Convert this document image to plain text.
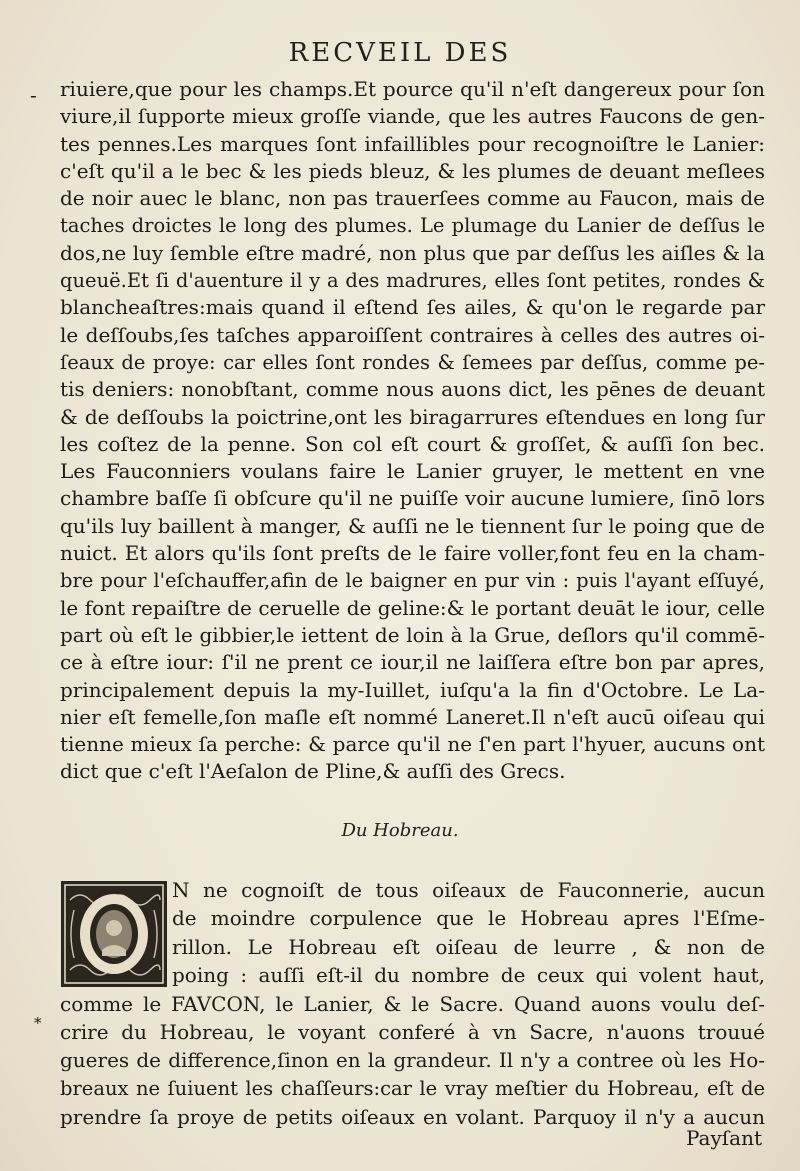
RECVEIL DES
- riuiere,que pour les champs.Et pource qu'il n'eſt dangereux pour ſon
viure,il ſupporte mieux groſſe viande, que les autres Faucons de gen-
tes pennes.Les marques ſont infaillibles pour recognoiſtre le Lanier:
c'eſt qu'il a le bec & les pieds bleuz, & les plumes de deuant meſlees
de noir auec le blanc, non pas trauerſees comme au Faucon, mais de
taches droictes le long des plumes. Le plumage du Lanier de deſſus le
dos,ne luy ſemble eſtre madré, non plus que par deſſus les aiſles & la
queuë.Et ſi d'auenture il y a des madrures, elles ſont petites, rondes &
blancheaſtres:mais quand il eſtend ſes ailes, & qu'on le regarde par
le deſſoubs,ſes taſches apparoiſſent contraires à celles des autres oi-
ſeaux de proye: car elles ſont rondes & ſemees par deſſus, comme pe-
tis deniers: nonobſtant, comme nous auons dict, les pēnes de deuant
& de deſſoubs la poictrine,ont les biragarrures eſtendues en long ſur
les coſtez de la penne. Son col eſt court & groſſet, & auſſi ſon bec.
Les Fauconniers voulans faire le Lanier gruyer, le mettent en vne
chambre baſſe ſi obſcure qu'il ne puiſſe voir aucune lumiere, ſinō lors
qu'ils luy baillent à manger, & auſſi ne le tiennent ſur le poing que de
nuict. Et alors qu'ils ſont preſts de le faire voller,font feu en la cham-
bre pour l'eſchauffer,afin de le baigner en pur vin : puis l'ayant eſſuyé,
le font repaiſtre de ceruelle de geline:& le portant deuāt le iour, celle
part où eſt le gibbier,le iettent de loin à la Grue, deſlors qu'il commē-
ce à eſtre iour: ſ'il ne prent ce iour,il ne laiſſera eſtre bon par apres,
principalement depuis la my-Iuillet, iuſqu'a la fin d'Octobre. Le La-
nier eſt femelle,ſon maſle eſt nommé Laneret.Il n'eſt aucū oiſeau qui
tienne mieux ſa perche: & parce qu'il ne ſ'en part l'hyuer, aucuns ont
dict que c'eſt l'Aeſalon de Pline,& auſſi des Grecs.
Du Hobreau.
N ne cognoiſt de tous oiſeaux de Fauconnerie, aucun
de moindre corpulence que le Hobreau apres l'Eſme-
rillon. Le Hobreau eſt oiſeau de leurre , & non de
poing : auſſi eſt-il du nombre de ceux qui volent haut,
comme le FAVCON, le Lanier, & le Sacre. Quand auons voulu deſ-
crire du Hobreau, le voyant conferé à vn Sacre, n'auons trouué
gueres de difference,ſinon en la grandeur. Il n'y a contree où les Ho-
breaux ne ſuiuent les chaſſeurs:car le vray meſtier du Hobreau, eſt de
prendre ſa proye de petits oiſeaux en volant. Parquoy il n'y a aucun
*
Payſant
